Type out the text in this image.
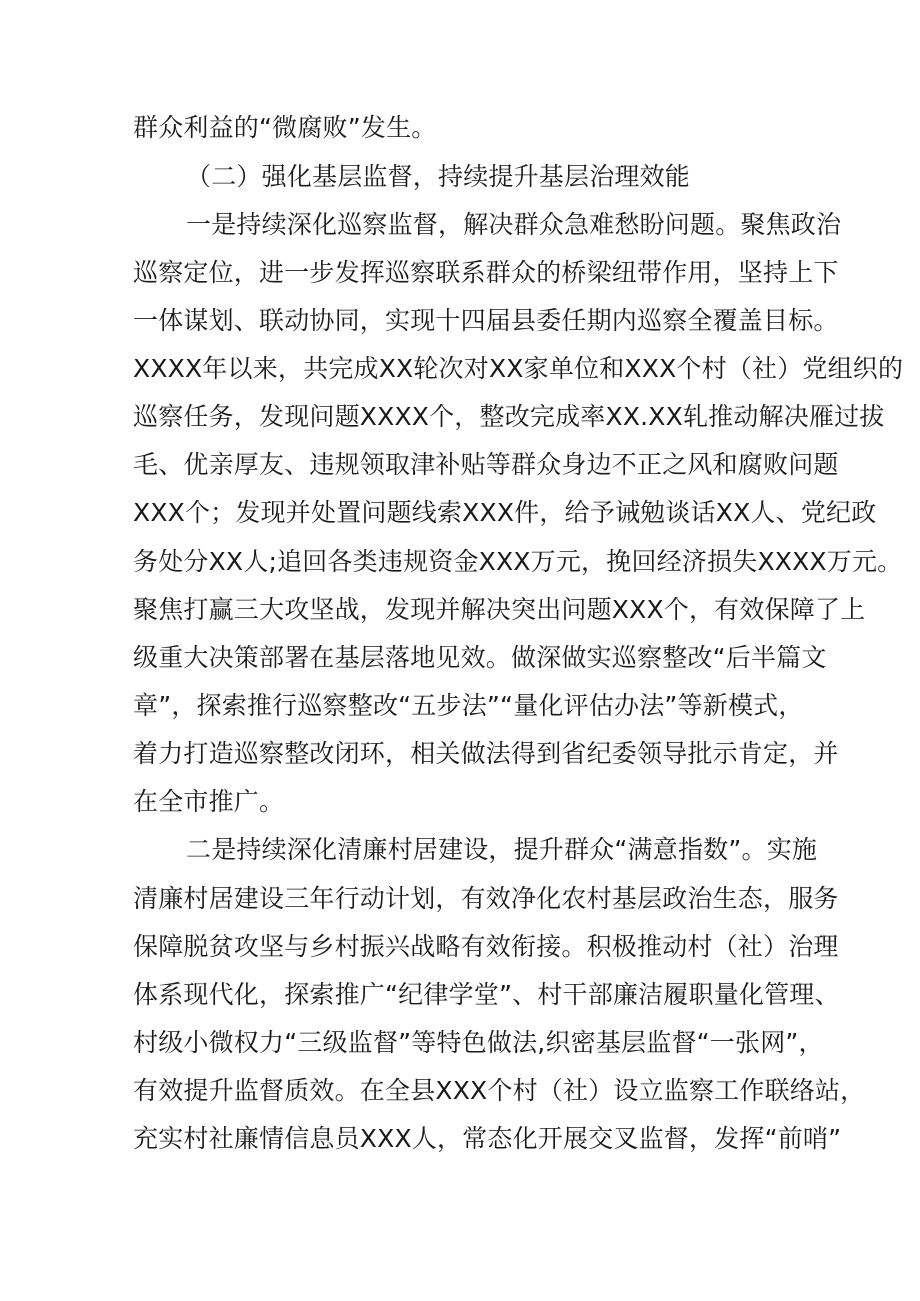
群众利益的“微腐败”发生。
（二）强化基层监督，持续提升基层治理效能
一是持续深化巡察监督，解决群众急难愁盼问题。聚焦政治
巡察定位，进一步发挥巡察联系群众的桥梁纽带作用，坚持上下
一体谋划、联动协同，实现十四届县委任期内巡察全覆盖目标。
XXXX年以来，共完成XX轮次对XX家单位和XXX个村（社）党组织的
巡察任务，发现问题XXXX个，整改完成率XX.XX轧推动解决雁过拔
毛、优亲厚友、违规领取津补贴等群众身边不正之风和腐败问题
XXX个；发现并处置问题线索XXX件，给予诫勉谈话XX人、党纪政
务处分XX人;追回各类违规资金XXX万元，挽回经济损失XXXX万元。
聚焦打赢三大攻坚战，发现并解决突出问题XXX个，有效保障了上
级重大决策部署在基层落地见效。做深做实巡察整改“后半篇文
章”，探索推行巡察整改“五步法”“量化评估办法”等新模式，
着力打造巡察整改闭环，相关做法得到省纪委领导批示肯定，并
在全市推广。
二是持续深化清廉村居建设，提升群众“满意指数”。实施
清廉村居建设三年行动计划，有效净化农村基层政治生态，服务
保障脱贫攻坚与乡村振兴战略有效衔接。积极推动村（社）治理
体系现代化，探索推广“纪律学堂”、村干部廉洁履职量化管理、
村级小微权力“三级监督”等特色做法,织密基层监督“一张网”，
有效提升监督质效。在全县XXX个村（社）设立监察工作联络站，
充实村社廉情信息员XXX人，常态化开展交叉监督，发挥“前哨”
